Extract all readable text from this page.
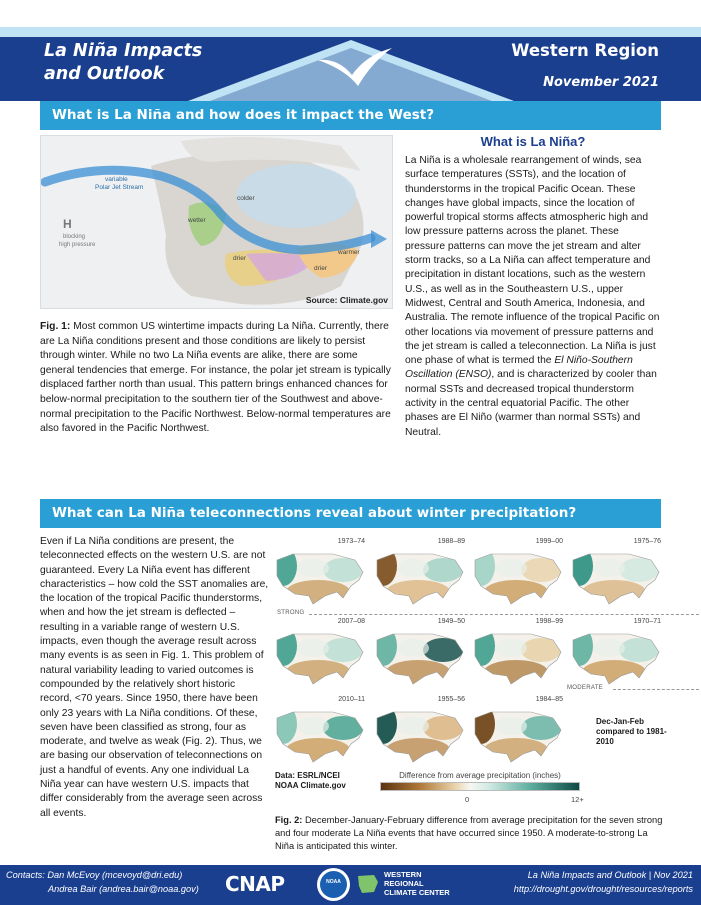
La Niña Impacts
and Outlook
Western Region
November 2021
What is La Niña and how does it impact the West?
variable
Polar Jet Stream
H
blocking
high pressure
colder
wetter
drier
warmer
drier
Source: Climate.gov
Fig. 1: Most common US wintertime impacts during La Niña. Currently, there are La Niña conditions present and those conditions are likely to persist through winter. While no two La Niña events are alike, there are some general tendencies that emerge. For instance, the polar jet stream is typically displaced farther north than usual. This pattern brings enhanced chances for below-normal precipitation to the southern tier of the Southwest and above-normal precipitation to the Pacific Northwest. Below-normal temperatures are also favored in the Pacific Northwest.
What is La Niña?
La Niña is a wholesale rearrangement of winds, sea surface temperatures (SSTs), and the location of thunderstorms in the tropical Pacific Ocean. These changes have global impacts, since the location of powerful tropical storms affects atmospheric high and low pressure patterns across the planet. These pressure patterns can move the jet stream and alter storm tracks, so a La Niña can affect temperature and precipitation in distant locations, such as the western U.S., as well as in the Southeastern U.S., upper Midwest, Central and South America, Indonesia, and Australia. The remote influence of the tropical Pacific on other locations via movement of pressure patterns and the jet stream is called a teleconnection. La Niña is just one phase of what is termed the El Niño-Southern Oscillation (ENSO), and is characterized by cooler than normal SSTs and decreased tropical thunderstorm activity in the central equatorial Pacific. The other phases are El Niño (warmer than normal SSTs) and Neutral.
What can La Niña teleconnections reveal about winter precipitation?
Even if La Niña conditions are present, the teleconnected effects on the western U.S. are not guaranteed. Every La Niña event has different characteristics – how cold the SST anomalies are, the location of the tropical Pacific thunderstorms, when and how the jet stream is deflected – resulting in a variable range of western U.S. impacts, even though the average result across many events is as seen in Fig. 1. This problem of natural variability leading to varied outcomes is compounded by the relatively short historic record, <70 years. Since 1950, there have been only 23 years with La Niña conditions. Of these, seven have been classified as strong, four as moderate, and twelve as weak (Fig. 2). Thus, we are basing our observation of teleconnections on just a handful of events. Any one individual La Niña year can have western U.S. impacts that differ considerably from the average seen across all events.
1973–74	1988–89	1999–00	1975–76
2007–08	1949–50	1998–99	1970–71
2010–11	1955–56	1984–85
STRONG
MODERATE
Dec-Jan-Feb compared to 1981-2010
Data: ESRL/NCEI
NOAA Climate.gov
Difference from average precipitation (inches)
0	12+
Fig. 2: December-January-February difference from average precipitation for the seven strong and four moderate La Niña events that have occurred since 1950. A moderate-to-strong La Niña is anticipated this winter.
Contacts: Dan McEvoy (mcevoyd@dri.edu)
Andrea Bair (andrea.bair@noaa.gov) CNAP	NOAA
WESTERN
REGIONAL
CLIMATE CENTER
La Niña Impacts and Outlook | Nov 2021
http://drought.gov/drought/resources/reports
